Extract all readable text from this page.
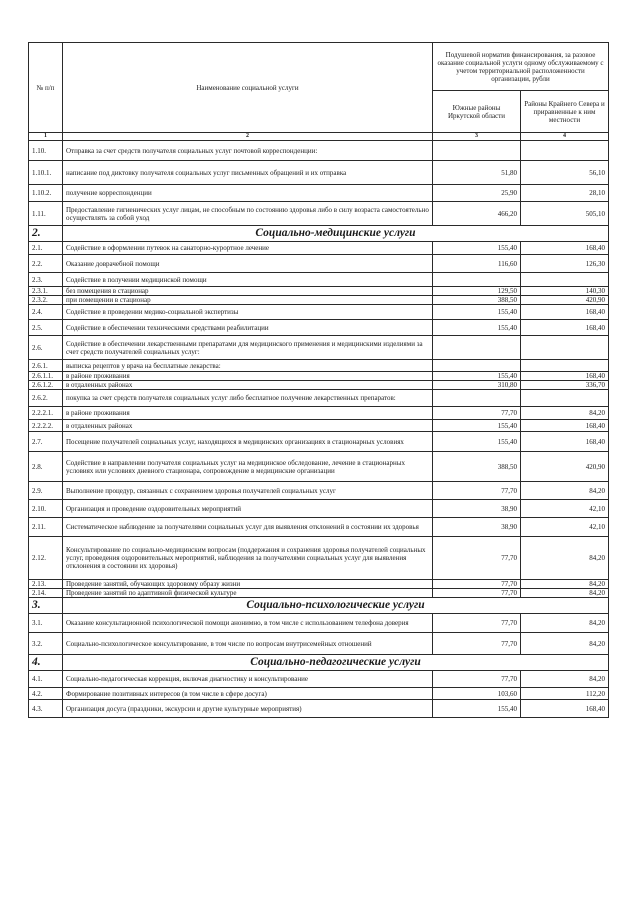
№ п/п	Наименование социальной услуги	Подушевой норматив финансирования, за разовое оказание социальной услуги одному обслуживаемому с учетом территориальной расположенности организации, рубли	
		Южные районы Иркутской области	Районы Крайнего Севера и приравненные к ним местности
1	2	3	4
1.10.	Отправка за счет средств получателя социальных услуг почтовой корреспонденции:		
1.10.1.	написание под диктовку получателя социальных услуг письменных обращений и их отправка	51,80	56,10
1.10.2.	получение корреспонденции	25,90	28,10
1.11.	Предоставление гигиенических услуг лицам, не способным по состоянию здоровья либо в силу возраста самостоятельно осуществлять за собой уход	466,20	505,10
2.	Социально-медицинские услуги		
2.1.	Содействие в оформлении путевок на санаторно-курортное лечение	155,40	168,40
2.2.	Оказание доврачебной помощи	116,60	126,30
2.3.	Содействие в получении медицинской помощи		
2.3.1.	без помещения в стационар	129,50	140,30
2.3.2.	при помещении в стационар	388,50	420,90
2.4.	Содействие в проведении медико-социальной экспертизы	155,40	168,40
2.5.	Содействие в обеспечении техническими средствами реабилитации	155,40	168,40
2.6.	Содействие в обеспечении лекарственными препаратами для медицинского применения и медицинскими изделиями за счет средств получателей социальных услуг:		
2.6.1.	выписка рецептов у врача на бесплатные лекарства:		
2.6.1.1.	в районе проживания	155,40	168,40
2.6.1.2.	в отдаленных районах	310,80	336,70
2.6.2.	покупка за счет средств получателя социальных услуг либо бесплатное получение лекарственных препаратов:		
2.2.2.1.	в районе проживания	77,70	84,20
2.2.2.2.	в отдаленных районах	155,40	168,40
2.7.	Посещение получателей социальных услуг, находящихся в медицинских организациях в стационарных условиях	155,40	168,40
2.8.	Содействие в направлении получателя социальных услуг на медицинское обследование, лечение в стационарных условиях или условиях дневного стационара, сопровождение в медицинские организации	388,50	420,90
2.9.	Выполнение процедур, связанных с сохранением здоровья получателей социальных услуг	77,70	84,20
2.10.	Организация и проведение оздоровительных мероприятий	38,90	42,10
2.11.	Систематическое наблюдение за получателями социальных услуг для выявления отклонений в состоянии их здоровья	38,90	42,10
2.12.	Консультирование по социально-медицинским вопросам (поддержания и сохранения здоровья получателей социальных услуг, проведения оздоровительных мероприятий, наблюдения за получателями социальных услуг для выявления отклонения в состоянии их здоровья)	77,70	84,20
2.13.	Проведение занятий, обучающих здоровому образу жизни	77,70	84,20
2.14.	Проведение занятий по адаптивной физической культуре	77,70	84,20
3.	Социально-психологические услуги		
3.1.	Оказание консультационной психологической помощи анонимно, в том числе с использованием телефона доверия	77,70	84,20
3.2.	Социально-психологическое консультирование, в том числе по вопросам внутрисемейных отношений	77,70	84,20
4.	Социально-педагогические услуги		
4.1.	Социально-педагогическая коррекция, включая диагностику и консультирование	77,70	84,20
4.2.	Формирование позитивных интересов (в том числе в сфере досуга)	103,60	112,20
4.3.	Организация досуга (праздники, экскурсии и другие культурные мероприятия)	155,40	168,40
